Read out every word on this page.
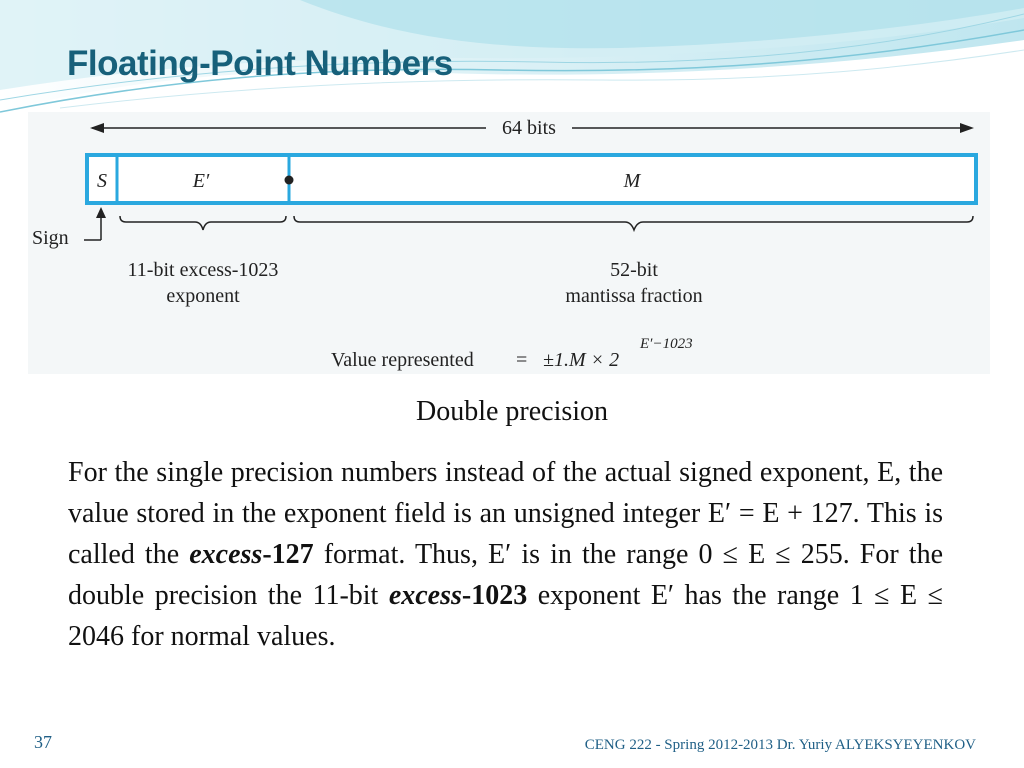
Floating-Point Numbers
64 bits
S	E′	M
Sign
11-bit excess-1023
exponent
52-bit
mantissa fraction
Value represented = ±1.M × 2
E′−1023
Double precision

For the single precision numbers instead of the actual signed exponent, E, the value stored in the exponent field is an unsigned integer E′ = E + 127. This is called the excess-127 format. Thus, E′ is in the range 0 ≤ E ≤ 255. For the double precision the 11-bit excess-1023 exponent E′ has the range 1 ≤ E ≤ 2046 for normal values.

37	CENG 222 - Spring 2012-2013 Dr. Yuriy ALYEKSYEYENKOV
